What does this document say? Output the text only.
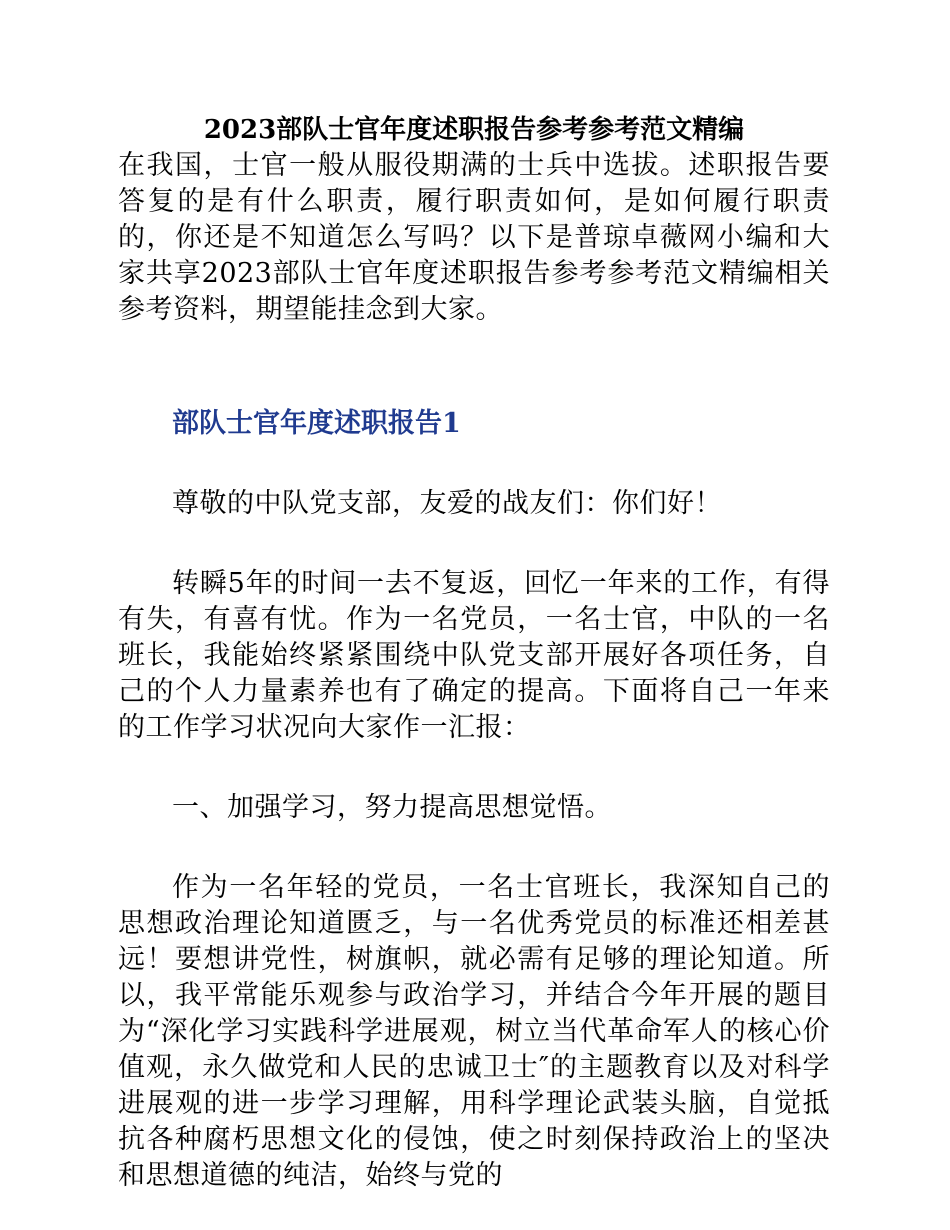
2023部队士官年度述职报告参考参考范文精编

在我国，士官一般从服役期满的士兵中选拔。述职报告要答复的是有什么职责，履行职责如何，是如何履行职责的，你还是不知道怎么写吗？以下是普琼卓薇网小编和大家共享2023部队士官年度述职报告参考参考范文精编相关参考资料，期望能挂念到大家。

部队士官年度述职报告1

尊敬的中队党支部，友爱的战友们：你们好！

转瞬5年的时间一去不复返，回忆一年来的工作，有得有失，有喜有忧。作为一名党员，一名士官，中队的一名班长，我能始终紧紧围绕中队党支部开展好各项任务，自己的个人力量素养也有了确定的提高。下面将自己一年来的工作学习状况向大家作一汇报：

一、加强学习，努力提高思想觉悟。

作为一名年轻的党员，一名士官班长，我深知自己的思想政治理论知道匮乏，与一名优秀党员的标准还相差甚远！要想讲党性，树旗帜，就必需有足够的理论知道。所以，我平常能乐观参与政治学习，并结合今年开展的题目为“深化学习实践科学进展观，树立当代革命军人的核心价值观，永久做党和人民的忠诚卫士″的主题教育以及对科学进展观的进一步学习理解，用科学理论武装头脑，自觉抵抗各种腐朽思想文化的侵蚀，使之时刻保持政治上的坚决和思想道德的纯洁，始终与党的
